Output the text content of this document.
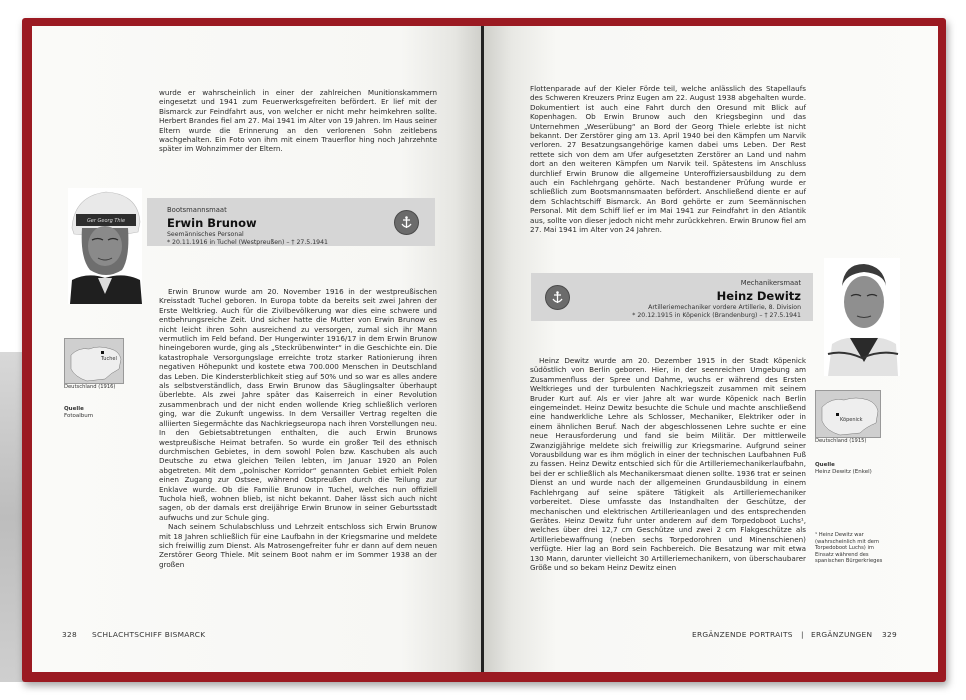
wurde er wahrscheinlich in einer der zahlreichen Munitionskammern eingesetzt und 1941 zum Feuerwerksgefreiten befördert. Er lief mit der Bismarck zur Feindfahrt aus, von welcher er nicht mehr heimkehren sollte. Herbert Brandes fiel am 27. Mai 1941 im Alter von 19 Jahren. Im Haus seiner Eltern wurde die Erinnerung an den verlorenen Sohn zeitlebens wachgehalten. Ein Foto von ihm mit einem Trauerflor hing noch Jahrzehnte später im Wohnzimmer der Eltern.

Ger Georg Thie
Bootsmannsmaat
Erwin Brunow
Seemännisches Personal
* 20.11.1916 in Tuchel (Westpreußen) – † 27.5.1941
Tuchel
Deutschland (1916)
Quelle
Fotoalbum

Erwin Brunow wurde am 20. November 1916 in der westpreußischen Kreisstadt Tuchel geboren. In Europa tobte da bereits seit zwei Jahren der Erste Weltkrieg. Auch für die Zivilbevölkerung war dies eine schwere und entbehrungsreiche Zeit. Und sicher hatte die Mutter von Erwin Brunow es nicht leicht ihren Sohn ausreichend zu versorgen, zumal sich ihr Mann vermutlich im Feld befand. Der Hungerwinter 1916/17 in dem Erwin Brunow hineingeboren wurde, ging als „Steckrübenwinter“ in die Geschichte ein. Die katastrophale Versorgungslage erreichte trotz starker Rationierung ihren negativen Höhepunkt und kostete etwa 700.000 Menschen in Deutschland das Leben. Die Kindersterblichkeit stieg auf 50% und so war es alles andere als selbstverständlich, dass Erwin Brunow das Säuglingsalter überhaupt überlebte. Als zwei Jahre später das Kaiserreich in einer Revolution zusammenbrach und der nicht enden wollende Krieg schließlich verloren ging, war die Zukunft ungewiss. In dem Versailler Vertrag regelten die alliierten Siegermächte das Nachkriegseuropa nach ihren Vorstellungen neu. In den Gebietsabtretungen enthalten, die auch Erwin Brunows westpreußische Heimat betrafen. So wurde ein großer Teil des ethnisch durchmischen Gebietes, in dem sowohl Polen bzw. Kaschuben als auch Deutsche zu etwa gleichen Teilen lebten, im Januar 1920 an Polen abgetreten. Mit dem „polnischer Korridor“ genannten Gebiet erhielt Polen einen Zugang zur Ostsee, während Ostpreußen durch die Teilung zur Enklave wurde. Ob die Familie Brunow in Tuchel, welches nun offiziell Tuchola hieß, wohnen blieb, ist nicht bekannt. Daher lässt sich auch nicht sagen, ob der damals erst dreijährige Erwin Brunow in seiner Geburtsstadt aufwuchs und zur Schule ging.

Nach seinem Schulabschluss und Lehrzeit entschloss sich Erwin Brunow mit 18 Jahren schließlich für eine Laufbahn in der Kriegsmarine und meldete sich freiwillig zum Dienst. Als Matrosengefreiter fuhr er dann auf dem neuen Zerstörer Georg Thiele. Mit seinem Boot nahm er im Sommer 1938 an der großen

328 SCHLACHTSCHIFF BISMARCK

Flottenparade auf der Kieler Förde teil, welche anlässlich des Stapellaufs des Schweren Kreuzers Prinz Eugen am 22. August 1938 abgehalten wurde. Dokumentiert ist auch eine Fahrt durch den Oresund mit Blick auf Kopenhagen. Ob Erwin Brunow auch den Kriegsbeginn und das Unternehmen „Weserübung“ an Bord der Georg Thiele erlebte ist nicht bekannt. Der Zerstörer ging am 13. April 1940 bei den Kämpfen um Narvik verloren. 27 Besatzungsangehörige kamen dabei ums Leben. Der Rest rettete sich von dem am Ufer aufgesetzten Zerstörer an Land und nahm dort an den weiteren Kämpfen um Narvik teil. Spätestens im Anschluss durchlief Erwin Brunow die allgemeine Unteroffiziersausbildung zu dem auch ein Fachlehrgang gehörte. Nach bestandener Prüfung wurde er schließlich zum Bootsmannsmaaten befördert. Anschließend diente er auf dem Schlachtschiff Bismarck. An Bord gehörte er zum Seemännischen Personal. Mit dem Schiff lief er im Mai 1941 zur Feindfahrt in den Atlantik aus, sollte von dieser jedoch nicht mehr zurückkehren. Erwin Brunow fiel am 27. Mai 1941 im Alter von 24 Jahren.

Mechanikersmaat
Heinz Dewitz
Artilleriemechaniker vordere Artillerie, 8. Division
* 20.12.1915 in Köpenick (Brandenburg) – † 27.5.1941
Köpenick
Deutschland (1915)
Quelle
Heinz Dewitz (Enkel)
¹ Heinz Dewitz war (wahrscheinlich mit dem Torpedoboot Luchs) im Einsatz während des spanischen Bürgerkrieges

Heinz Dewitz wurde am 20. Dezember 1915 in der Stadt Köpenick südöstlich von Berlin geboren. Hier, in der seenreichen Umgebung am Zusammenfluss der Spree und Dahme, wuchs er während des Ersten Weltkrieges und der turbulenten Nachkriegszeit zusammen mit seinem Bruder Kurt auf. Als er vier Jahre alt war wurde Köpenick nach Berlin eingemeindet. Heinz Dewitz besuchte die Schule und machte anschließend eine handwerkliche Lehre als Schlosser, Mechaniker, Elektriker oder in einem ähnlichen Beruf. Nach der abgeschlossenen Lehre suchte er eine neue Herausforderung und fand sie beim Militär. Der mittlerweile Zwanzigjährige meldete sich freiwillig zur Kriegsmarine. Aufgrund seiner Vorausbildung war es ihm möglich in einer der technischen Laufbahnen Fuß zu fassen. Heinz Dewitz entschied sich für die Artilleriemechanikerlaufbahn, bei der er schließlich als Mechanikersmaat dienen sollte. 1936 trat er seinen Dienst an und wurde nach der allgemeinen Grundausbildung in einem Fachlehrgang auf seine spätere Tätigkeit als Artilleriemechaniker vorbereitet. Diese umfasste das Instandhalten der Geschütze, der mechanischen und elektrischen Artillerieanlagen und des entsprechenden Gerätes. Heinz Dewitz fuhr unter anderem auf dem Torpedoboot Luchs¹, welches über drei 12,7 cm Geschütze und zwei 2 cm Flakgeschütze als Artilleriebewaffnung (neben sechs Torpedorohren und Minenschienen) verfügte. Hier lag an Bord sein Fachbereich. Die Besatzung war mit etwa 130 Mann, darunter vielleicht 30 Artilleriemechanikern, von überschaubarer Größe und so bekam Heinz Dewitz einen

ERGÄNZENDE PORTRAITS | ERGÄNZUNGEN 329
